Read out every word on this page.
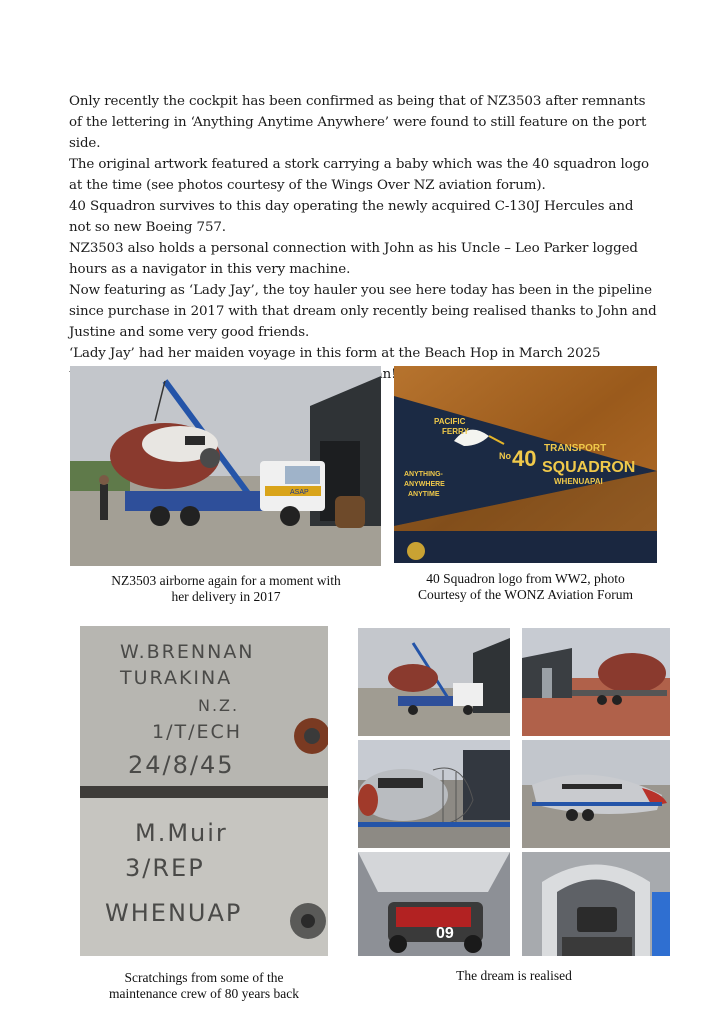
Only recently the cockpit has been confirmed as being that of NZ3503 after remnants of the lettering in ‘Anything Anytime Anywhere’ were found to still feature on the port side.

The original artwork featured a stork carrying a baby which was the 40 squadron logo at the time (see photos courtesy of the Wings Over NZ aviation forum).

40 Squadron survives to this day operating the newly acquired C-130J Hercules and not so new Boeing 757.

NZ3503 also holds a personal connection with John as his Uncle – Leo Parker logged hours as a navigator in this very machine.

Now featuring as ‘Lady Jay’, the toy hauler you see here today has been in the pipeline since purchase in 2017 with that dream only recently being realised thanks to John and Justine and some very good friends.

‘Lady Jay’ had her maiden voyage in this form at the Beach Hop in March 2025

ASAP
NZ3503 airborne again for a moment with
her delivery in 2017
PACIFIC
FERRY
No 40 TRANSPORT
SQUADRON
WHENUAPAI
ANYTHING-
ANYWHERE
ANYTIME
40 Squadron logo from WW2, photo
Courtesy of the WONZ Aviation Forum
W.BRENNAN
TURAKINA
N.Z.
1/T/ECH
24/8/45
M.Muir
3/REP
WHENUAP
Scratchings from some of the
maintenance crew of 80 years back
09
The dream is realised
